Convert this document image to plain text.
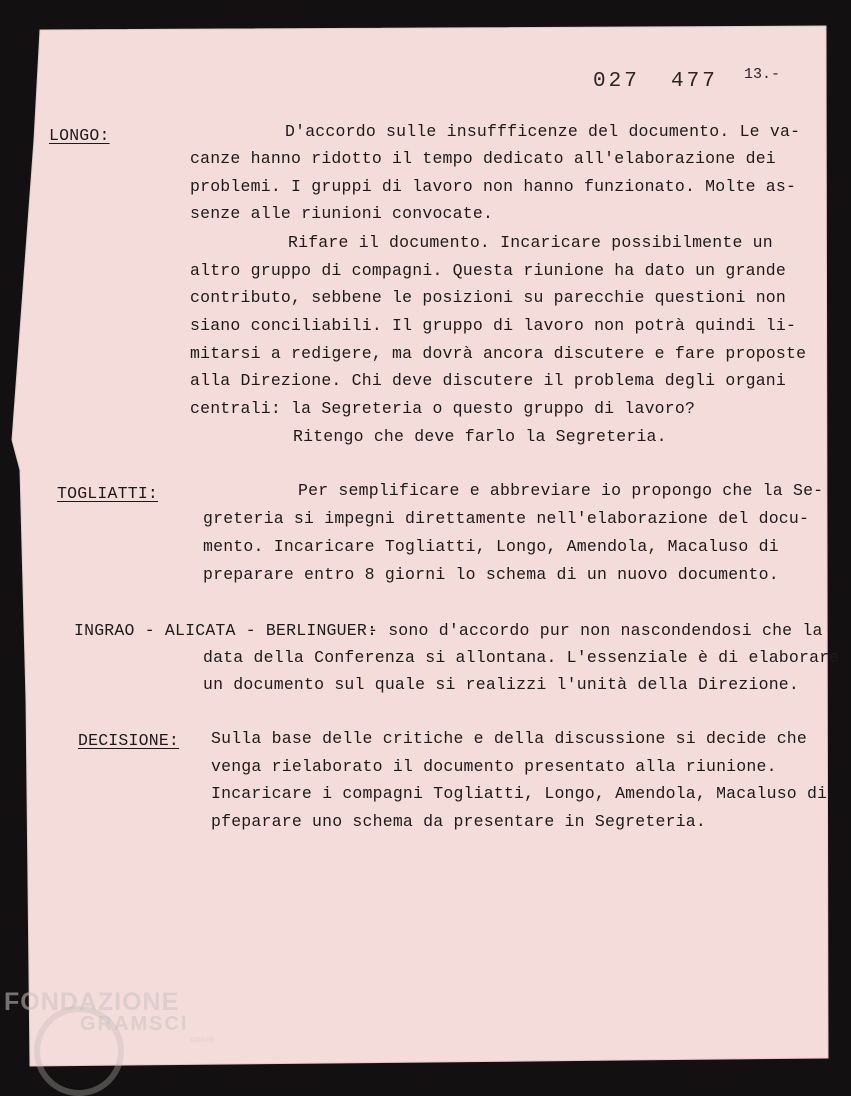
027  477 13.-
LONGO:	D'accordo sulle insuffficenze del documento. Le va-
canze hanno ridotto il tempo dedicato all'elaborazione dei
problemi. I gruppi di lavoro non hanno funzionato. Molte as-
senze alle riunioni convocate.
Rifare il documento. Incaricare possibilmente un
altro gruppo di compagni. Questa riunione ha dato un grande
contributo, sebbene le posizioni su parecchie questioni non
siano conciliabili. Il gruppo di lavoro non potrà quindi li-
mitarsi a redigere, ma dovrà ancora discutere e fare proposte
alla Direzione. Chi deve discutere il problema degli organi
centrali: la Segreteria o questo gruppo di lavoro?
Ritengo che deve farlo la Segreteria.
TOGLIATTI:	Per semplificare e abbreviare io propongo che la Se-
greteria si impegni direttamente nell'elaborazione del docu-
mento. Incaricare Togliatti, Longo, Amendola, Macaluso di
preparare entro 8 giorni lo schema di un nuovo documento.
INGRAO - ALICATA - BERLINGUER:
- sono d'accordo pur non nascondendosi che la
data della Conferenza si allontana. L'essenziale è di elaborare
un documento sul quale si realizzi l'unità della Direzione.
DECISIONE: Sulla base delle critiche e della discussione si decide che
venga rielaborato il documento presentato alla riunione.
Incaricare i compagni Togliatti, Longo, Amendola, Macaluso di
pfeparare uno schema da presentare in Segreteria.
FONDAZIONE
GRAMSCI
onlus
